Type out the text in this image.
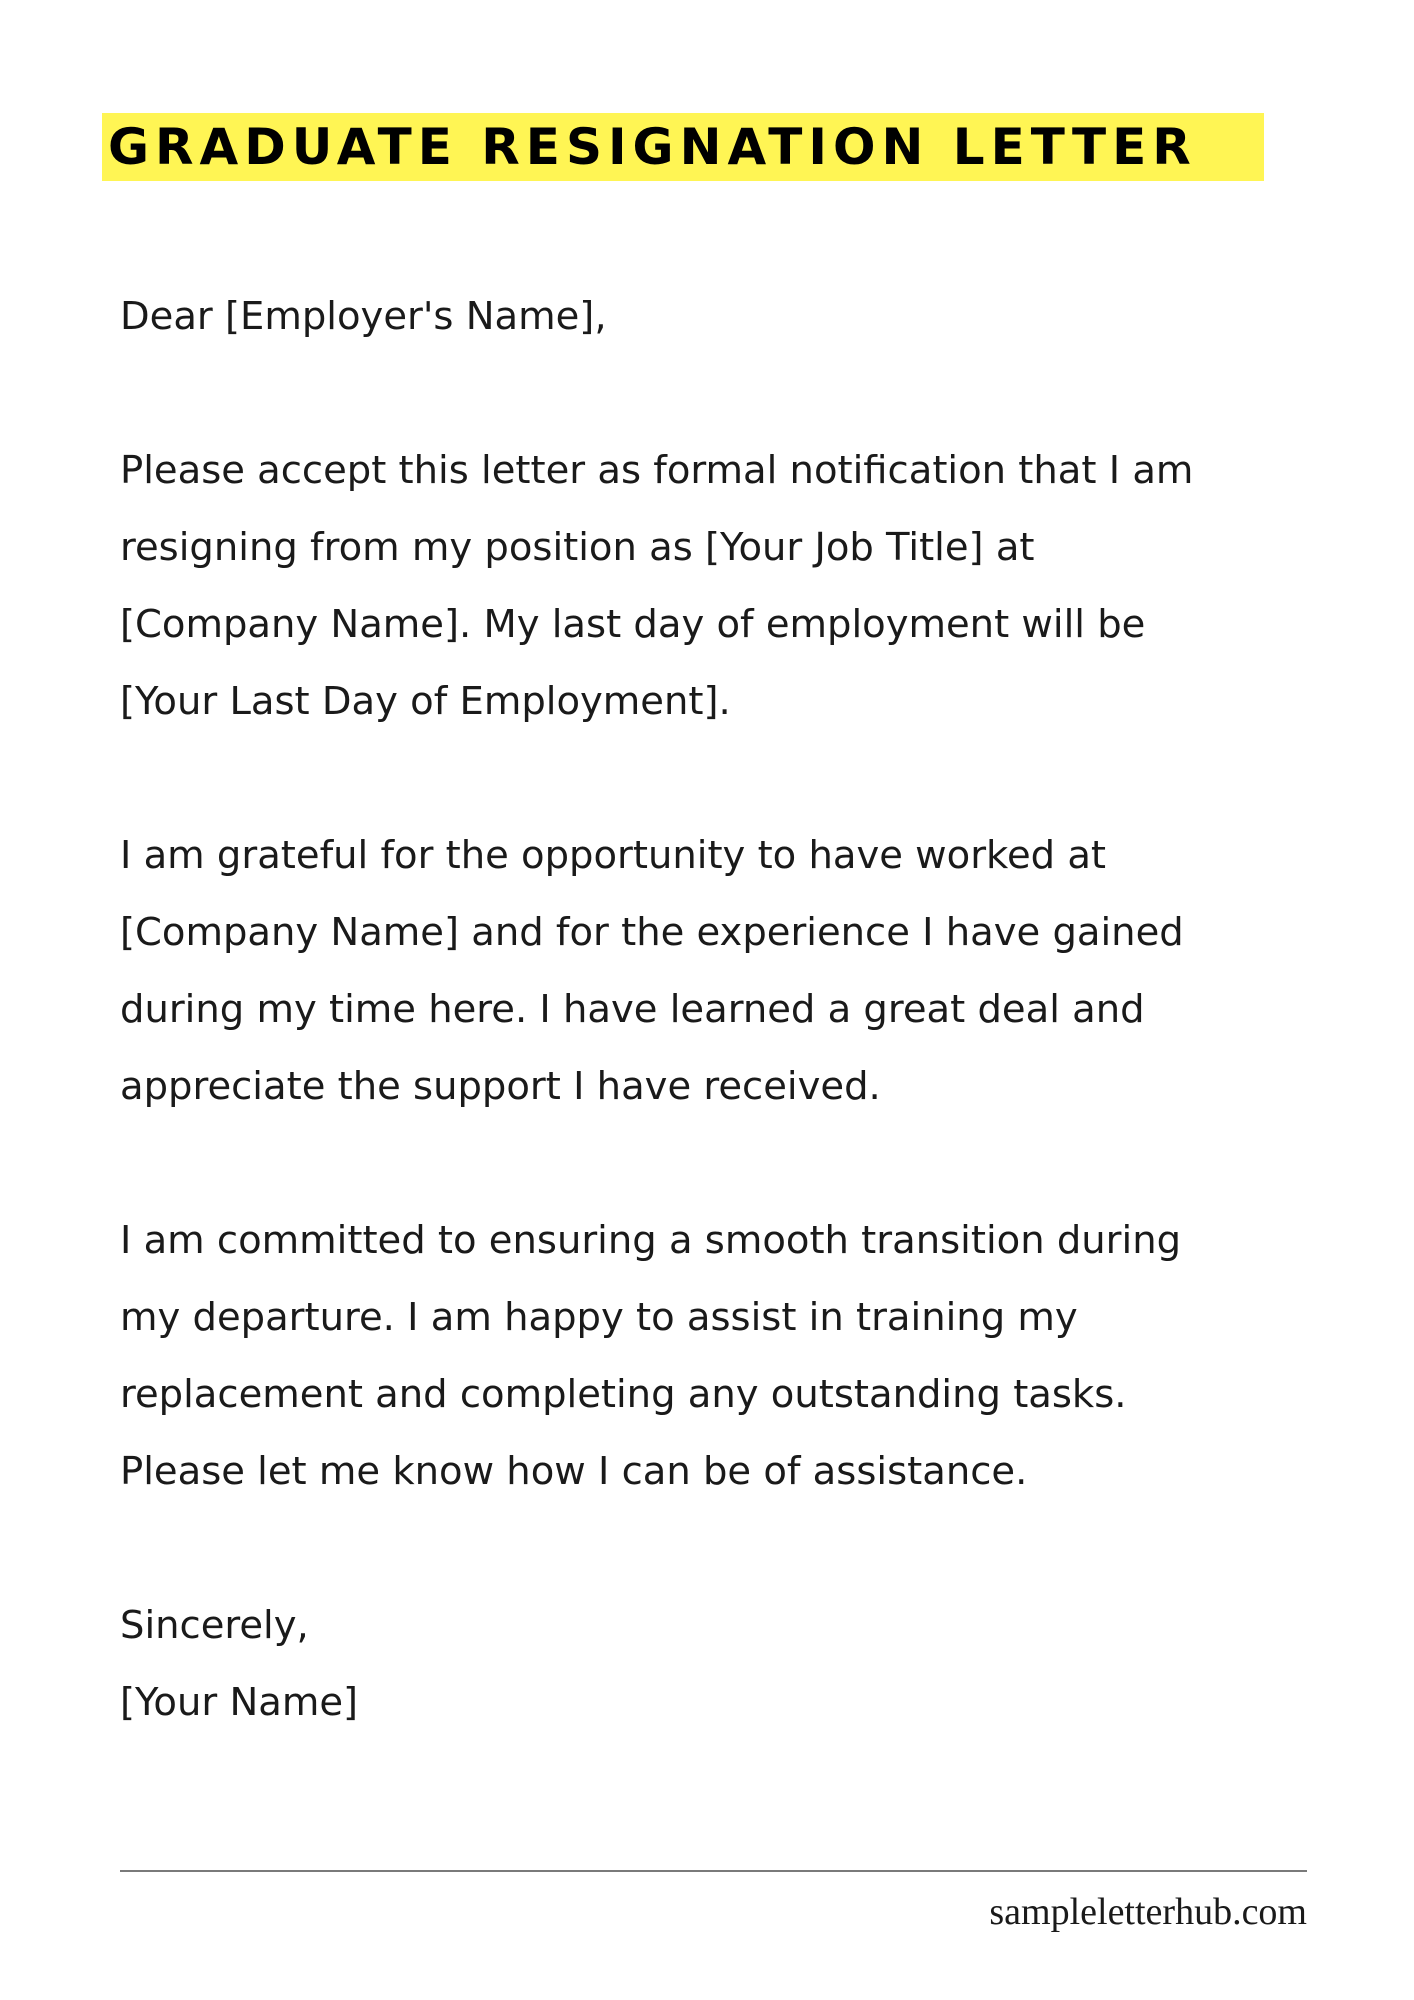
GRADUATE RESIGNATION LETTER

Dear [Employer's Name],

Please accept this letter as formal notification that I am
resigning from my position as [Your Job Title] at
[Company Name]. My last day of employment will be
[Your Last Day of Employment].

I am grateful for the opportunity to have worked at
[Company Name] and for the experience I have gained
during my time here. I have learned a great deal and
appreciate the support I have received.

I am committed to ensuring a smooth transition during
my departure. I am happy to assist in training my
replacement and completing any outstanding tasks.
Please let me know how I can be of assistance.

Sincerely,
[Your Name]

sampleletterhub.com
